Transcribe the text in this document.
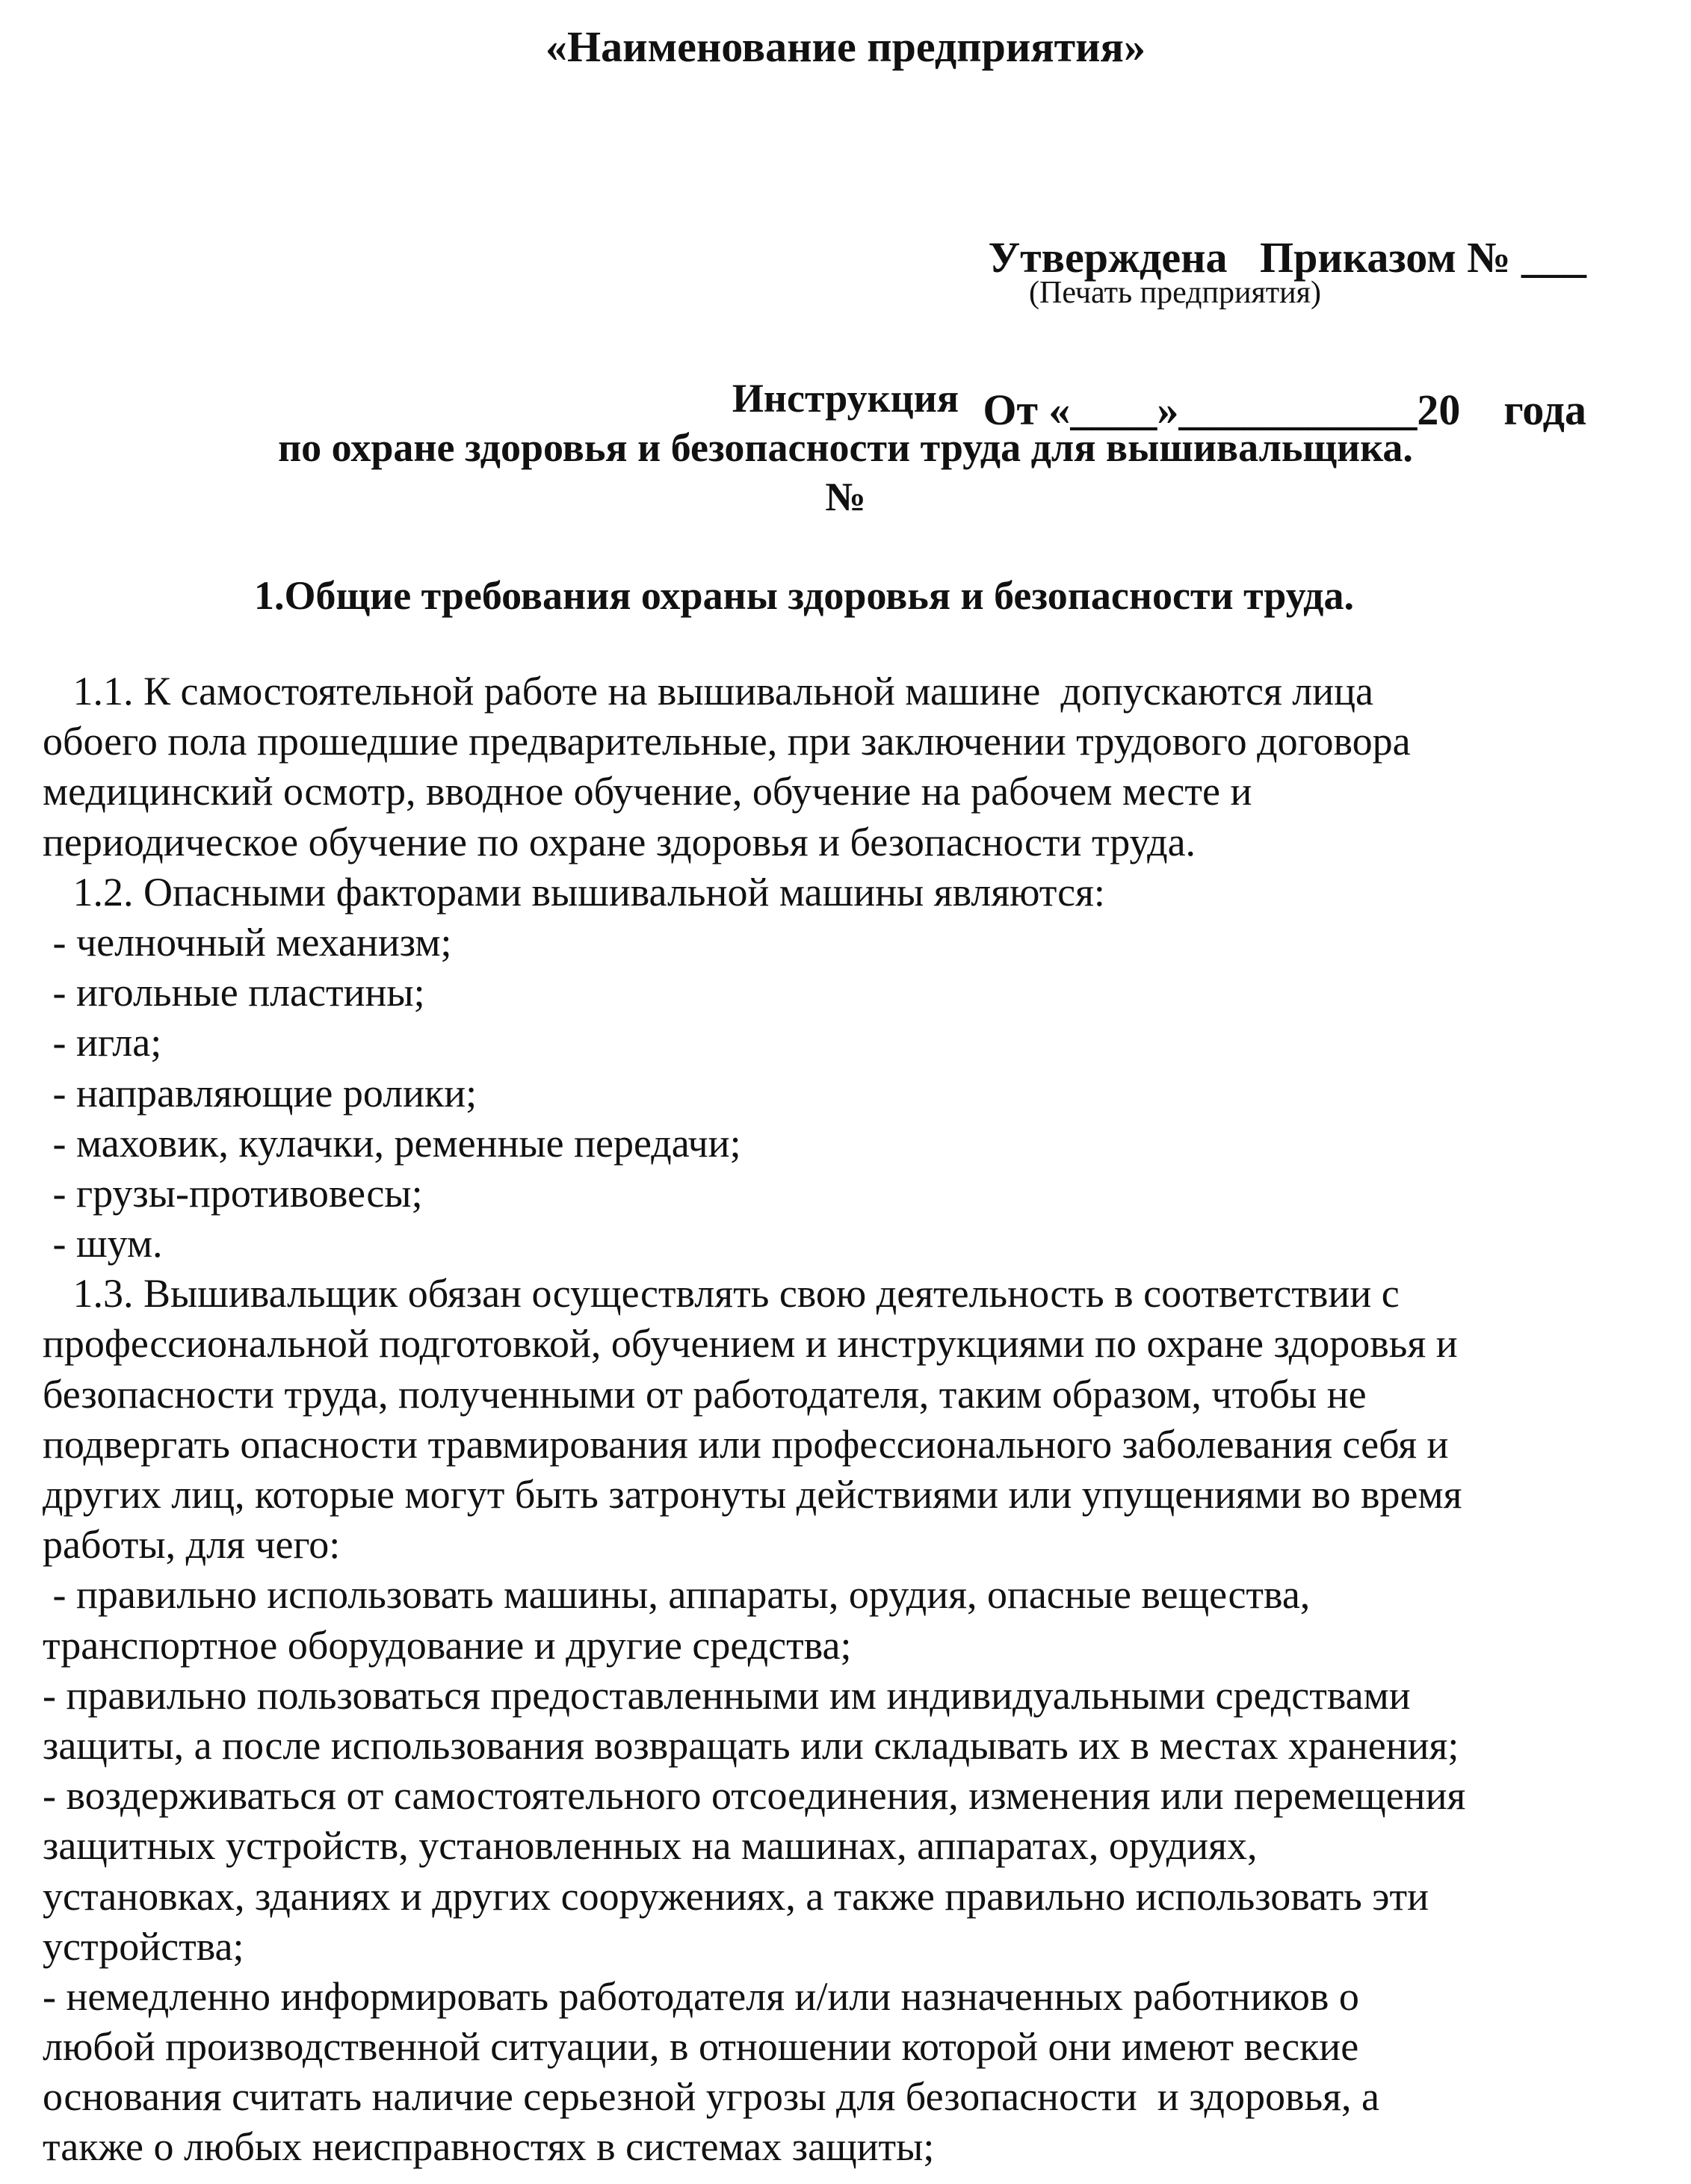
«Наименование предприятия»

Утверждена   Приказом № ___

От «____»___________20    года

(Печать предприятия)
Инструкция
по охране здоровья и безопасности труда для вышивальщика.
№
1.Общие требования охраны здоровья и безопасности труда.
1.1. К самостоятельной работе на вышивальной машине  допускаются лица
обоего пола прошедшие предварительные, при заключении трудового договора
медицинский осмотр, вводное обучение, обучение на рабочем месте и
периодическое обучение по охране здоровья и безопасности труда.
1.2. Опасными факторами вышивальной машины являются:
- челночный механизм;
- игольные пластины;
- игла;
- направляющие ролики;
- маховик, кулачки, ременные передачи;
- грузы-противовесы;
- шум.
1.3. Вышивальщик обязан осуществлять свою деятельность в соответствии с
профессиональной подготовкой, обучением и инструкциями по охране здоровья и
безопасности труда, полученными от работодателя, таким образом, чтобы не
подвергать опасности травмирования или профессионального заболевания себя и
других лиц, которые могут быть затронуты действиями или упущениями во время
работы, для чего:
- правильно использовать машины, аппараты, орудия, опасные вещества,
транспортное оборудование и другие средства;
- правильно пользоваться предоставленными им индивидуальными средствами
защиты, а после использования возвращать или складывать их в местах хранения;
- воздерживаться от самостоятельного отсоединения, изменения или перемещения
защитных устройств, установленных на машинах, аппаратах, орудиях,
установках, зданиях и других сооружениях, а также правильно использовать эти
устройства;
- немедленно информировать работодателя и/или назначенных работников о
любой производственной ситуации, в отношении которой они имеют веские
основания считать наличие серьезной угрозы для безопасности  и здоровья, а
также о любых неисправностях в системах защиты;
